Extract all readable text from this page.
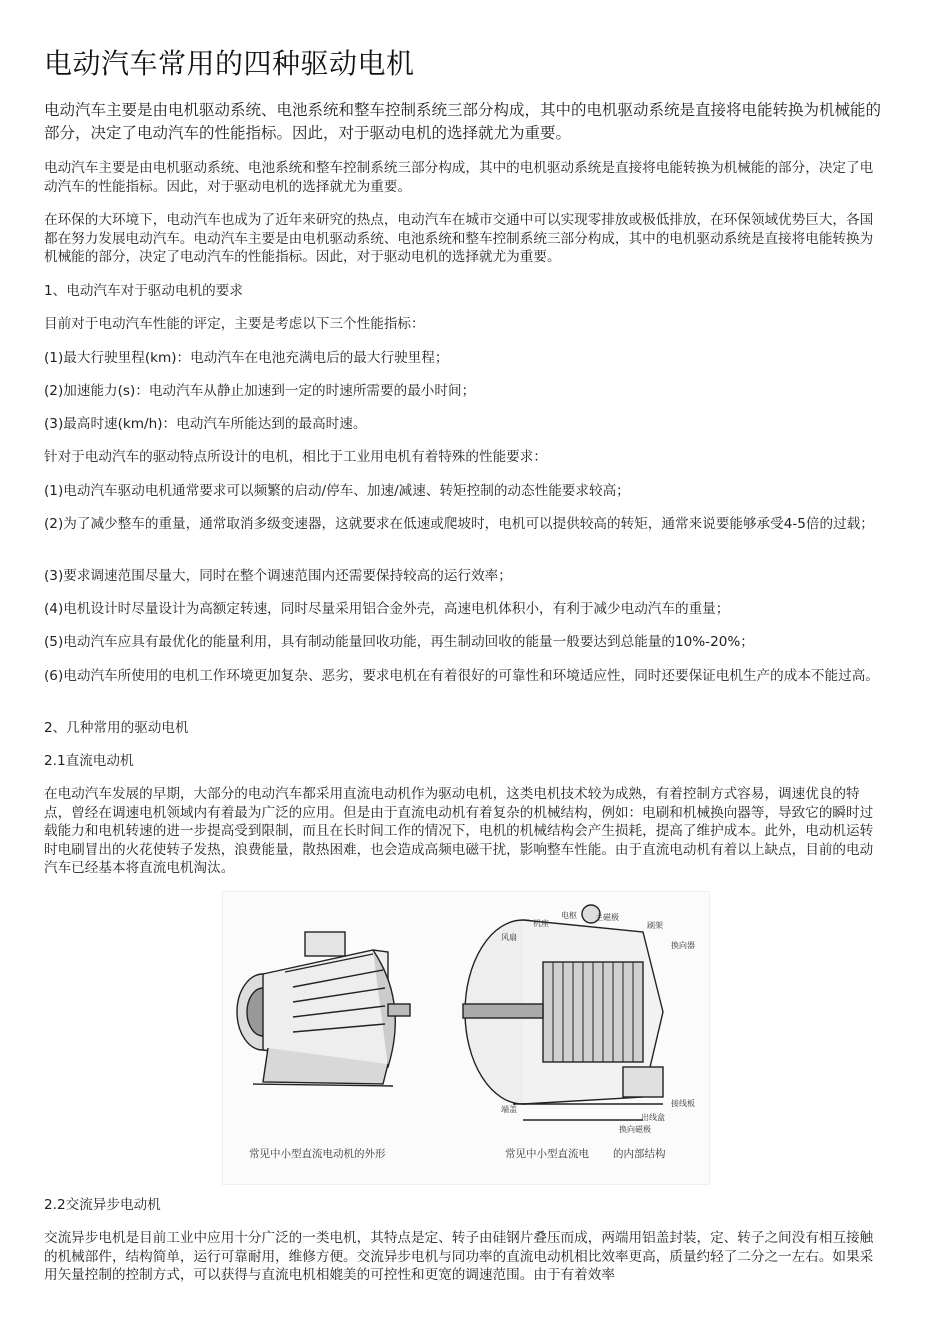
电动汽车常用的四种驱动电机

电动汽车主要是由电机驱动系统、电池系统和整车控制系统三部分构成，其中的电机驱动系统是直接将电能转换为机械能的部分，决定了电动汽车的性能指标。因此，对于驱动电机的选择就尤为重要。

电动汽车主要是由电机驱动系统、电池系统和整车控制系统三部分构成，其中的电机驱动系统是直接将电能转换为机械能的部分，决定了电动汽车的性能指标。因此，对于驱动电机的选择就尤为重要。

在环保的大环境下，电动汽车也成为了近年来研究的热点，电动汽车在城市交通中可以实现零排放或极低排放，在环保领域优势巨大，各国都在努力发展电动汽车。电动汽车主要是由电机驱动系统、电池系统和整车控制系统三部分构成，其中的电机驱动系统是直接将电能转换为机械能的部分，决定了电动汽车的性能指标。因此，对于驱动电机的选择就尤为重要。

1、电动汽车对于驱动电机的要求

目前对于电动汽车性能的评定，主要是考虑以下三个性能指标：

(1)最大行驶里程(km)：电动汽车在电池充满电后的最大行驶里程；

(2)加速能力(s)：电动汽车从静止加速到一定的时速所需要的最小时间；

(3)最高时速(km/h)：电动汽车所能达到的最高时速。

针对于电动汽车的驱动特点所设计的电机，相比于工业用电机有着特殊的性能要求：

(1)电动汽车驱动电机通常要求可以频繁的启动/停车、加速/减速、转矩控制的动态性能要求较高；

(2)为了减少整车的重量，通常取消多级变速器，这就要求在低速或爬坡时，电机可以提供较高的转矩，通常来说要能够承受4-5倍的过载；

(3)要求调速范围尽量大，同时在整个调速范围内还需要保持较高的运行效率；

(4)电机设计时尽量设计为高额定转速，同时尽量采用铝合金外壳，高速电机体积小，有利于减少电动汽车的重量；

(5)电动汽车应具有最优化的能量利用，具有制动能量回收功能，再生制动回收的能量一般要达到总能量的10%-20%；

(6)电动汽车所使用的电机工作环境更加复杂、恶劣，要求电机在有着很好的可靠性和环境适应性，同时还要保证电机生产的成本不能过高。

2、几种常用的驱动电机

2.1直流电动机

在电动汽车发展的早期，大部分的电动汽车都采用直流电动机作为驱动电机，这类电机技术较为成熟，有着控制方式容易，调速优良的特点，曾经在调速电机领域内有着最为广泛的应用。但是由于直流电动机有着复杂的机械结构，例如：电刷和机械换向器等，导致它的瞬时过载能力和电机转速的进一步提高受到限制，而且在长时间工作的情况下，电机的机械结构会产生损耗，提高了维护成本。此外，电动机运转时电刷冒出的火花使转子发热，浪费能量，散热困难，也会造成高频电磁干扰，影响整车性能。由于直流电动机有着以上缺点，目前的电动汽车已经基本将直流电机淘汰。

风扇
机座
电枢 主磁极
刷架
换向器
接线板
出线盒
换向磁极
端盖
常见中小型直流电动机的外形	常见中小型直流电 的内部结构

2.2交流异步电动机

交流异步电机是目前工业中应用十分广泛的一类电机，其特点是定、转子由硅钢片叠压而成，两端用铝盖封装，定、转子之间没有相互接触的机械部件，结构简单，运行可靠耐用，维修方便。交流异步电机与同功率的直流电动机相比效率更高，质量约轻了二分之一左右。如果采用矢量控制的控制方式，可以获得与直流电机相媲美的可控性和更宽的调速范围。由于有着效率
